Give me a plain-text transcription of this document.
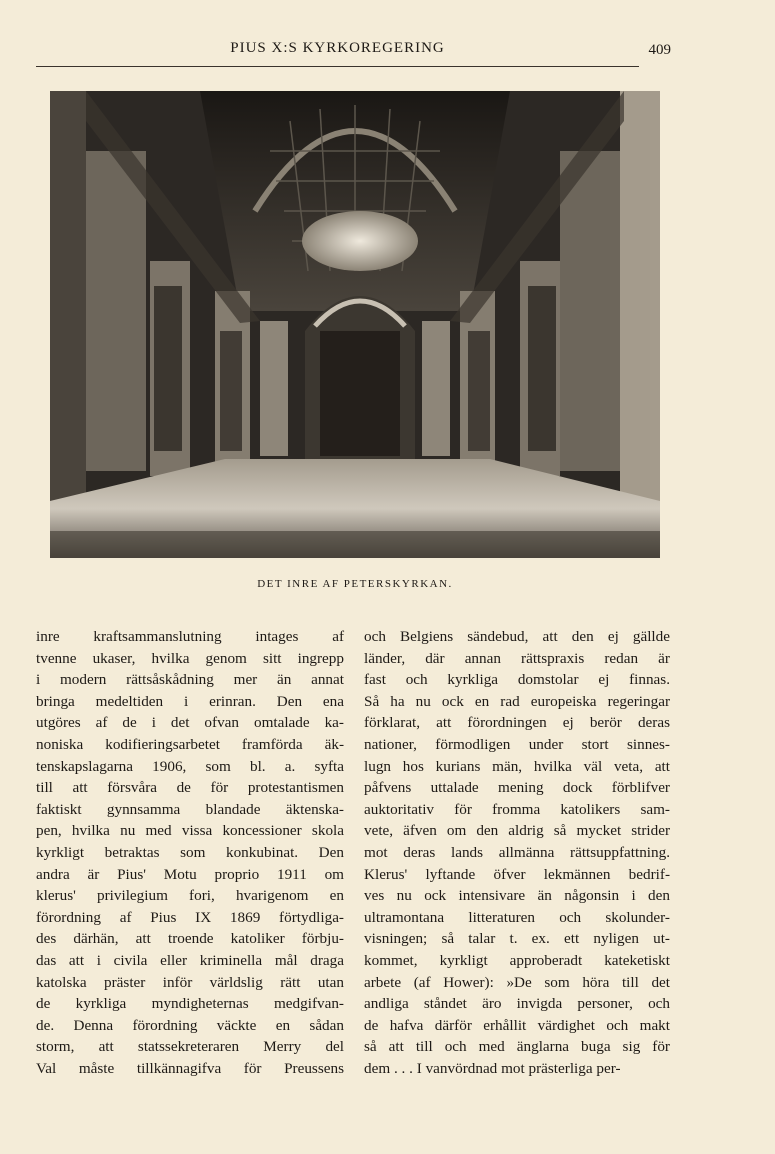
PIUS X:S KYRKOREGERING	409
DET INRE AF PETERSKYRKAN.
inre kraftsammanslutning intages af
tvenne ukaser, hvilka genom sitt ingrepp
i modern rättsåskådning mer än annat
bringa medeltiden i erinran. Den ena
utgöres af de i det ofvan omtalade ka-
noniska kodifieringsarbetet framförda äk-
tenskapslagarna 1906, som bl. a. syfta
till att försvåra de för protestantismen
faktiskt gynnsamma blandade äktenska-
pen, hvilka nu med vissa koncessioner skola
kyrkligt betraktas som konkubinat. Den
andra är Pius' Motu proprio 1911 om
klerus' privilegium fori, hvarigenom en
förordning af Pius IX 1869 förtydliga-
des därhän, att troende katoliker förbju-
das att i civila eller kriminella mål draga
katolska präster inför världslig rätt utan
de kyrkliga myndigheternas medgifvan-
de. Denna förordning väckte en sådan
storm, att statssekreteraren Merry del
Val måste tillkännagifva för Preussens
och Belgiens sändebud, att den ej gällde
länder, där annan rättspraxis redan är
fast och kyrkliga domstolar ej finnas.
Så ha nu ock en rad europeiska regeringar
förklarat, att förordningen ej berör deras
nationer, förmodligen under stort sinnes-
lugn hos kurians män, hvilka väl veta, att
påfvens uttalade mening dock förblifver
auktoritativ för fromma katolikers sam-
vete, äfven om den aldrig så mycket strider
mot deras lands allmänna rättsuppfattning.
Klerus' lyftande öfver lekmännen bedrif-
ves nu ock intensivare än någonsin i den
ultramontana litteraturen och skolunder-
visningen; så talar t. ex. ett nyligen ut-
kommet, kyrkligt approberadt kateketiskt
arbete (af Hower): »De som höra till det
andliga ståndet äro invigda personer, och
de hafva därför erhållit värdighet och makt
så att till och med änglarna buga sig för
dem . . . I vanvördnad mot prästerliga per-
